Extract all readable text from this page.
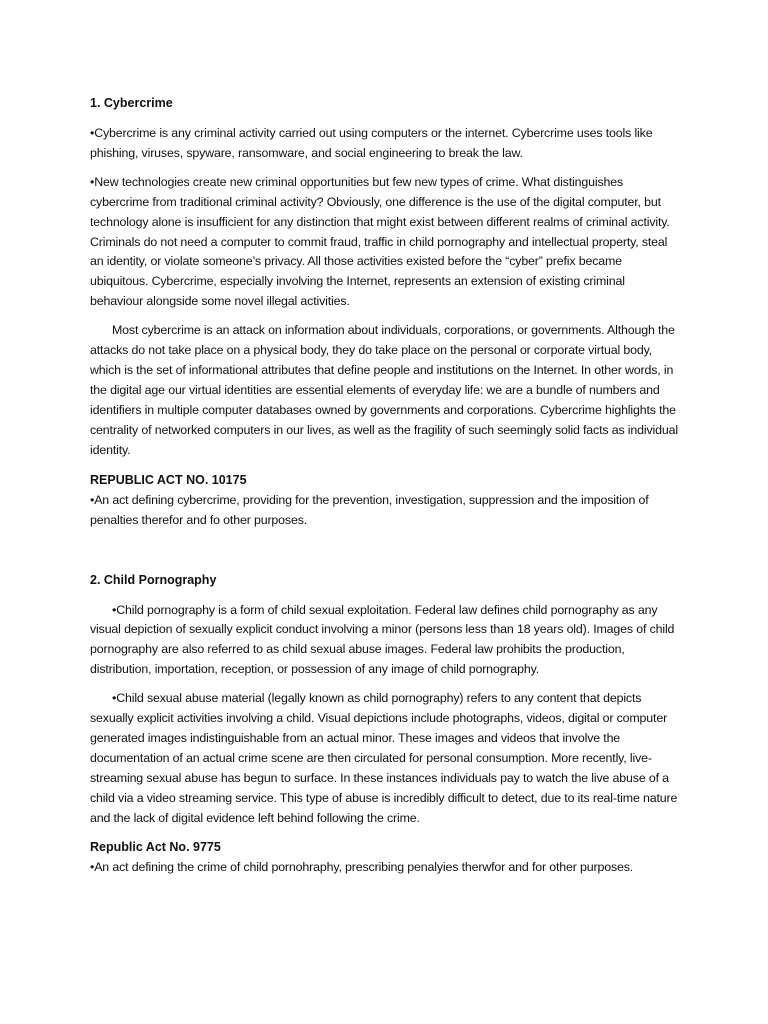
1. Cybercrime

•Cybercrime is any criminal activity carried out using computers or the internet. Cybercrime uses tools like phishing, viruses, spyware, ransomware, and social engineering to break the law.

•New technologies create new criminal opportunities but few new types of crime. What distinguishes cybercrime from traditional criminal activity? Obviously, one difference is the use of the digital computer, but technology alone is insufficient for any distinction that might exist between different realms of criminal activity. Criminals do not need a computer to commit fraud, traffic in child pornography and intellectual property, steal an identity, or violate someone’s privacy. All those activities existed before the “cyber” prefix became ubiquitous. Cybercrime, especially involving the Internet, represents an extension of existing criminal behaviour alongside some novel illegal activities.

Most cybercrime is an attack on information about individuals, corporations, or governments. Although the attacks do not take place on a physical body, they do take place on the personal or corporate virtual body, which is the set of informational attributes that define people and institutions on the Internet. In other words, in the digital age our virtual identities are essential elements of everyday life: we are a bundle of numbers and identifiers in multiple computer databases owned by governments and corporations. Cybercrime highlights the centrality of networked computers in our lives, as well as the fragility of such seemingly solid facts as individual identity.

REPUBLIC ACT NO. 10175

•An act defining cybercrime, providing for the prevention, investigation, suppression and the imposition of penalties therefor and fo other purposes.

2. Child Pornography

•Child pornography is a form of child sexual exploitation. Federal law defines child pornography as any visual depiction of sexually explicit conduct involving a minor (persons less than 18 years old). Images of child pornography are also referred to as child sexual abuse images. Federal law prohibits the production, distribution, importation, reception, or possession of any image of child pornography.

•Child sexual abuse material (legally known as child pornography) refers to any content that depicts sexually explicit activities involving a child. Visual depictions include photographs, videos, digital or computer generated images indistinguishable from an actual minor. These images and videos that involve the documentation of an actual crime scene are then circulated for personal consumption. More recently, live-streaming sexual abuse has begun to surface. In these instances individuals pay to watch the live abuse of a child via a video streaming service. This type of abuse is incredibly difficult to detect, due to its real-time nature and the lack of digital evidence left behind following the crime.

Republic Act No. 9775

•An act defining the crime of child pornohraphy, prescribing penalyies therwfor and for other purposes.
